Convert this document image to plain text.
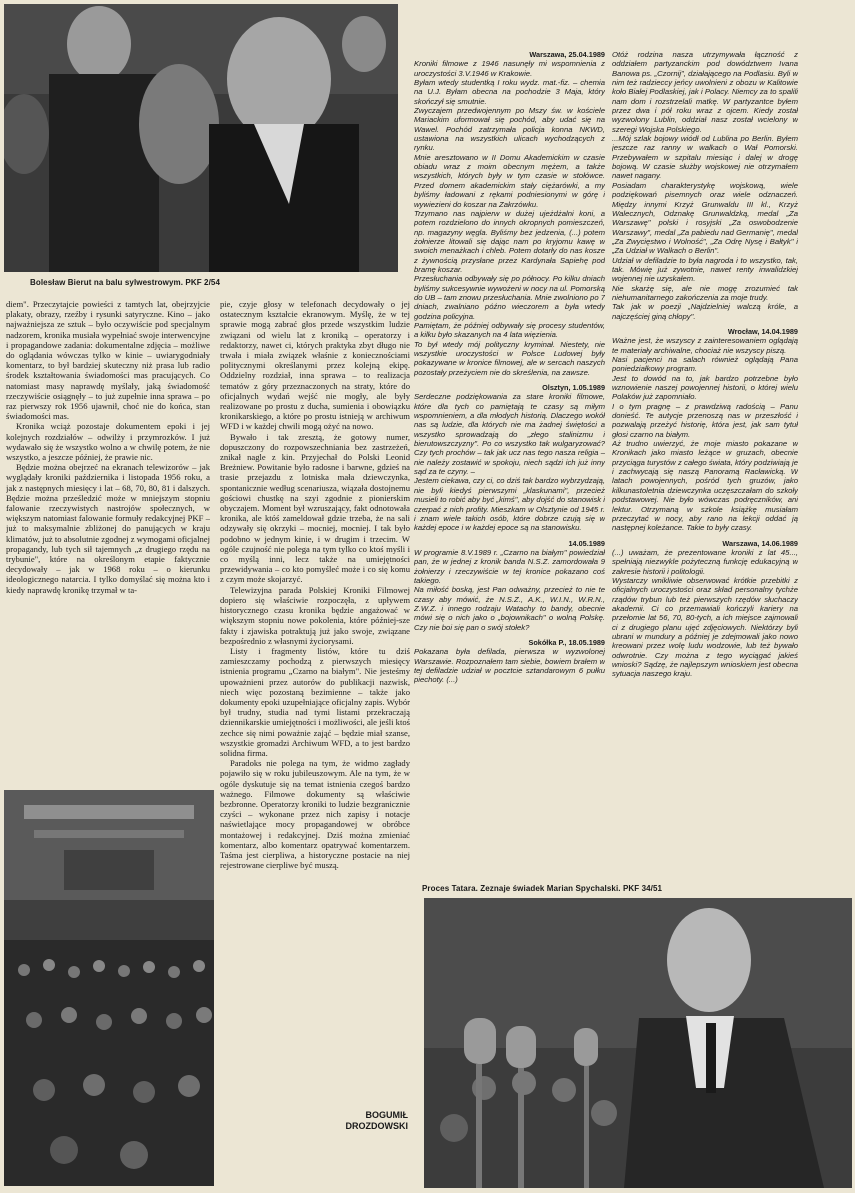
Bolesław Bierut na balu sylwestrowym. PKF 2/54

diem". Przeczytajcie powieści z tamtych lat, obejrzyjcie plakaty, obrazy, rzeźby i rysunki satyryczne. Kino – jako najważniejsza ze sztuk – było oczywiście pod specjalnym nadzorem, kronika musiała wypełniać swoje interwencyjne i propagandowe zadania: dokumentalne zdjęcia – możliwe do oglądania wówczas tylko w kinie – uwiarygodniały komentarz, to był bardziej skuteczny niż prasa lub radio środek kształtowania świadomości mas pracujących. Co natomiast masy naprawdę myślały, jaką świadomość rzeczywiście osiągnęły – to już zupełnie inna sprawa – po raz pierwszy rok 1956 ujawnił, choć nie do końca, stan świadomości mas.

Kronika wciąż pozostaje dokumentem epoki i jej kolejnych rozdziałów – odwilży i przymrozków. I już wydawało się że wszystko wolno a w chwilę potem, że nie wszystko, a jeszcze później, że prawie nic.

Będzie można obejrzeć na ekranach telewizorów – jak wyglądały kroniki października i listopada 1956 roku, a jak z następnych miesięcy i lat – 68, 70, 80, 81 i dalszych. Będzie można prześledzić może w mniejszym stopniu falowanie rzeczywistych nastrojów społecznych, w większym natomiast falowanie formuły redakcyjnej PKF – już to maksymalnie zbliżonej do panujących w kraju klimatów, już to absolutnie zgodnej z wymogami oficjalnej propagandy, lub tych sił tajemnych „z drugiego rzędu na trybunie", które na określonym etapie faktycznie decydowały – jak w 1968 roku – o kierunku ideologicznego natarcia. I tylko domyślać się można kto i kiedy naprawdę kronikę trzymał w ta-

pie, czyje głosy w telefonach decydowały o jej ostatecznym kształcie ekranowym. Myślę, że w tej sprawie mogą zabrać głos przede wszystkim ludzie związani od wielu lat z kroniką – operatorzy i redaktorzy, nawet ci, których praktyka zbyt długo nie trwała i miała związek właśnie z koniecznościami politycznymi określanymi przez kolejną ekipę. Oddzielny rozdział, inna sprawa – to realizacja tematów z góry przeznaczonych na straty, które do oficjalnych wydań wejść nie mogły, ale były realizowane po prostu z ducha, sumienia i obowiązku kronikarskiego, a które po prostu istnieją w archiwum WFD i w każdej chwili mogą ożyć na nowo.

Bywało i tak zresztą, że gotowy numer, dopuszczony do rozpowszechniania bez zastrzeżeń, znikał nagle z kin. Przyjechał do Polski Leonid Breżniew. Powitanie było radosne i barwne, gdzieś na trasie przejazdu z lotniska mała dziewczynka, spontanicznie według scenariusza, wiązała dostojnemu gościowi chustkę na szyi zgodnie z pionierskim obyczajem. Moment był wzruszający, fakt odnotowała kronika, ale któś zameldował gdzie trzeba, że na sali odzywały się okrzyki – mocniej, mocniej. I tak było podobno w jednym kinie, i w drugim i trzecim. W ogóle czujność nie polega na tym tylko co ktoś myśli i co myślą inni, lecz także na umiejętności przewidywania – co kto pomyśleć może i co się komu z czym może skojarzyć.

Telewizyjna parada Polskiej Kroniki Filmowej dopiero się właściwie rozpoczęła, z upływem historycznego czasu kronika będzie angażować w większym stopniu nowe pokolenia, które później-sze fakty i zjawiska potraktują już jako swoje, związane bezpośrednio z własnymi życiorysami.

Listy i fragmenty listów, które tu dziś zamieszczamy pochodzą z pierwszych miesięcy istnienia programu „Czarno na białym". Nie jesteśmy upoważnieni przez autorów do publikacji nazwisk, niech więc pozostaną bezimienne – także jako dokumenty epoki uzupełniające oficjalny zapis. Wybór był trudny, studia nad tymi listami przekraczają dziennikarskie umiejętności i możliwości, ale jeśli ktoś zechce się nimi poważnie zająć – będzie miał szanse, wszystkie gromadzi Archiwum WFD, a to jest bardzo solidna firma.

Paradoks nie polega na tym, że widmo zagłady pojawiło się w roku jubileuszowym. Ale na tym, że w ogóle dyskutuje się na temat istnienia czegoś bardzo ważnego. Filmowe dokumenty są właściwie bezbronne. Operatorzy kroniki to ludzie bezgranicznie czyści – wykonane przez nich zapisy i notacje naświetlające mocy propagandowej w obróbce montażowej i redakcyjnej. Dziś można zmieniać komentarz, albo komentarz opatrywać komentarzem. Taśma jest cierpliwa, a historyczne postacie na niej rejestrowane cierpliwe być muszą.

BOGUMIŁ
DROZDOWSKI
Warszawa, 25.04.1989

Kroniki filmowe z 1946 nasunęły mi wspomnienia z uroczystości 3.V.1946 w Krakowie.

Byłam wtedy studentką I roku wydz. mat.-fiz. – chemia na U.J. Byłam obecna na pochodzie 3 Maja, który skończył się smutnie.

Zwyczajem przedwojennym po Mszy św. w kościele Mariackim uformował się pochód, aby udać się na Wawel. Pochód zatrzymała policja konna NKWD, ustawiona na wszystkich ulicach wychodzących z rynku.

Mnie aresztowano w II Domu Akademickim w czasie obiadu wraz z moim obecnym mężem, a także wszystkich, których były w tym czasie w stołówce. Przed domem akademickim stały ciężarówki, a my byliśmy ładowani z rękami podniesionymi w górę i wywiezieni do koszar na Zakrzówku.

Trzymano nas najpierw w dużej ujeżdżalni koni, a potem rozdzielono do innych okropnych pomieszczeń, np. magazyny węgla. Byliśmy bez jedzenia, (...) potem żołnierze litowali się dając nam po kryjomu kawę w swoich menażkach i chleb. Potem dotarły do nas kosze z żywnością przysłane przez Kardynała Sapiehę pod bramę koszar.

Przesłuchania odbywały się po północy. Po kilku dniach byliśmy sukcesywnie wywożeni w nocy na ul. Pomorską do UB – tam znowu przesłuchania. Mnie zwolniono po 7 dniach, zwalniano późno wieczorem a była wtedy godzina policyjna.

Pamiętam, że później odbywały się procesy studentów, a kilku było skazanych na 4 lata więzienia.

To był wtedy mój polityczny kryminał. Niestety, nie wszystkie uroczystości w Polsce Ludowej były pokazywane w kronice filmowej, ale w sercach naszych pozostały przeżyciem nie do skreślenia, na zawsze.

Olsztyn, 1.05.1989

Serdeczne podziękowania za stare kroniki filmowe, które dla tych co pamiętają te czasy są miłym wspomnieniem, a dla młodych historią. Dlaczego wokół nas są ludzie, dla których nie ma żadnej świętości a wszystko sprowadzają do „złego stalinizmu i bierutowszczyzny". Po co wszystko tak wulgaryzować? Czy tych prochów – tak jak ucz nas tego nasza religia – nie należy zostawić w spokoju, niech sądzi ich już inny sąd za te czyny. –

Jestem ciekawa, czy ci, co dziś tak bardzo wybrzydzają, nie byli kiedyś pierwszymi „klaskunami", przecież musieli to robić aby być „kimś", aby dojść do stanowisk i czerpać z nich profity. Mieszkam w Olsztynie od 1945 r. i znam wiele takich osób, które dobrze czują się w każdej epoce i w każdej epoce są na stanowisku.

14.05.1989

W programie 8.V.1989 r. „Czarno na białym" powiedział pan, że w jednej z kronik banda N.S.Z. zamordowała 9 żołnierzy i rzeczywiście w tej kronice pokazano coś takiego.

Na miłość boską, jest Pan odważny, przecież to nie te czasy aby mówić, że N.S.Z., A.K., W.I.N., W.R.N., Z.W.Z. i innego rodzaju Watachy to bandy, obecnie mówi się o nich jako o „bojownikach" o wolną Polskę. Czy nie boi się pan o swój stołek?

Sokółka P., 18.05.1989

Pokazana była defilada, pierwsza w wyzwolonej Warszawie. Rozpoznałem tam siebie, bowiem brałem w tej defiladzie udział w pocztcie sztandarowym 6 pułku piechoty. (...)

Otóż rodzina nasza utrzymywała łączność z oddziałem partyzanckim pod dowództwem Ivana Banowa ps. „Czornij", działającego na Podlasiu. Byli w nim też radzieccy jeńcy uwolnieni z obozu w Kalitowie koło Białej Podlaskiej, jak i Polacy. Niemcy za to spalili nam dom i rozstrzelali matkę. W partyzantce byłem przez dwa i pół roku wraz z ojcem. Kiedy został wyzwolony Lublin, oddział nasz został wcielony w szeregi Wojska Polskiego.

...Mój szlak bojowy wiódł od Lublina po Berlin. Byłem jeszcze raz ranny w walkach o Wał Pomorski. Przebywałem w szpitalu miesiąc i dalej w drogę bojową. W czasie służby wojskowej nie otrzymałem nawet nagany.

Posiadam charakterystykę wojskową, wiele podziękowań pisemnych oraz wiele odznaczeń. Między innymi Krzyż Grunwaldu III kl., Krzyż Walecznych, Odznakę Grunwaldzką, medal „Za Warszawę" polski i rosyjski „Za oswobodzenie Warszawy", medal „Za pabiedu nad Germanię", medal „Za Zwycięstwo i Wolność", „Za Odrę Nysę i Bałtyk" i „Za Udział w Walkach o Berlin".

Udział w defiladzie to była nagroda i to wszystko, tak, tak. Mówię już zywotnie, nawet renty inwalidzkiej wojennej nie uzyskałem.

Nie skarżę się, ale nie mogę zrozumieć tak niehumanitarnego zakończenia za moje trudy.

Tak jak w poezji „Najdzielniej walczą króle, a najczęściej giną chłopy".

Wrocław, 14.04.1989

Ważne jest, że wszyscy z zainteresowaniem oglądają te materiały archiwalne, chociaż nie wszyscy piszą.

Nasi pacjenci na salach również oglądają Pana poniedziałkowy program.

Jest to dowód na to, jak bardzo potrzebne było wznowienie naszej powojennej historii, o której wielu Polaków już zapomniało.

I o tym pragnę – z prawdziwą radością – Panu donieść. Te autycje przenoszą nas w przeszłość i pozwalają przeżyć historię, która jest, jak sam tytuł głosi czarno na białym.

Aż trudno uwierzyć, że moje miasto pokazane w Kronikach jako miasto leżące w gruzach, obecnie przyciąga turystów z całego świata, który podziwiają je i zachwycają się naszą Panoramą Racławicką. W latach powojennych, pośród tych gruzów, jako kilkunastoletnia dziewczynka uczęszczałam do szkoły podstawowej. Nie było wówczas podręczników, ani lektur. Otrzymaną w szkole książkę musiałam przeczytać w nocy, aby rano na lekcji oddać ją następnej koleżance. Takie to były czasy.

Warszawa, 14.06.1989

(...) uważam, że prezentowane kroniki z lat 45..., spełniają niezwykle pożyteczną funkcję edukacyjną w zakresie historii i politologii.

Wystarczy wnikliwie obserwować krótkie przebitki z oficjalnych uroczystości oraz skład personalny tychże rządów trybun lub też pierwszych rzędów słuchaczy akademii. Ci co przemawiali kończyli kariery na przełomie lat 56, 70, 80-tych, a ich miejsce zajmowali ci z drugiego planu ujęć zdjęciowych. Niektórzy byli ubrani w mundury a później je zdejmowali jako nowo kreowani przez wolę ludu wodzowie, lub też bywało odwrotnie. Czy można z tego wyciągać jakieś wnioski? Sądzę, że najlepszym wnioskiem jest obecna sytuacja naszego kraju.

Proces Tatara. Zeznaje świadek Marian Spychalski. PKF 34/51
